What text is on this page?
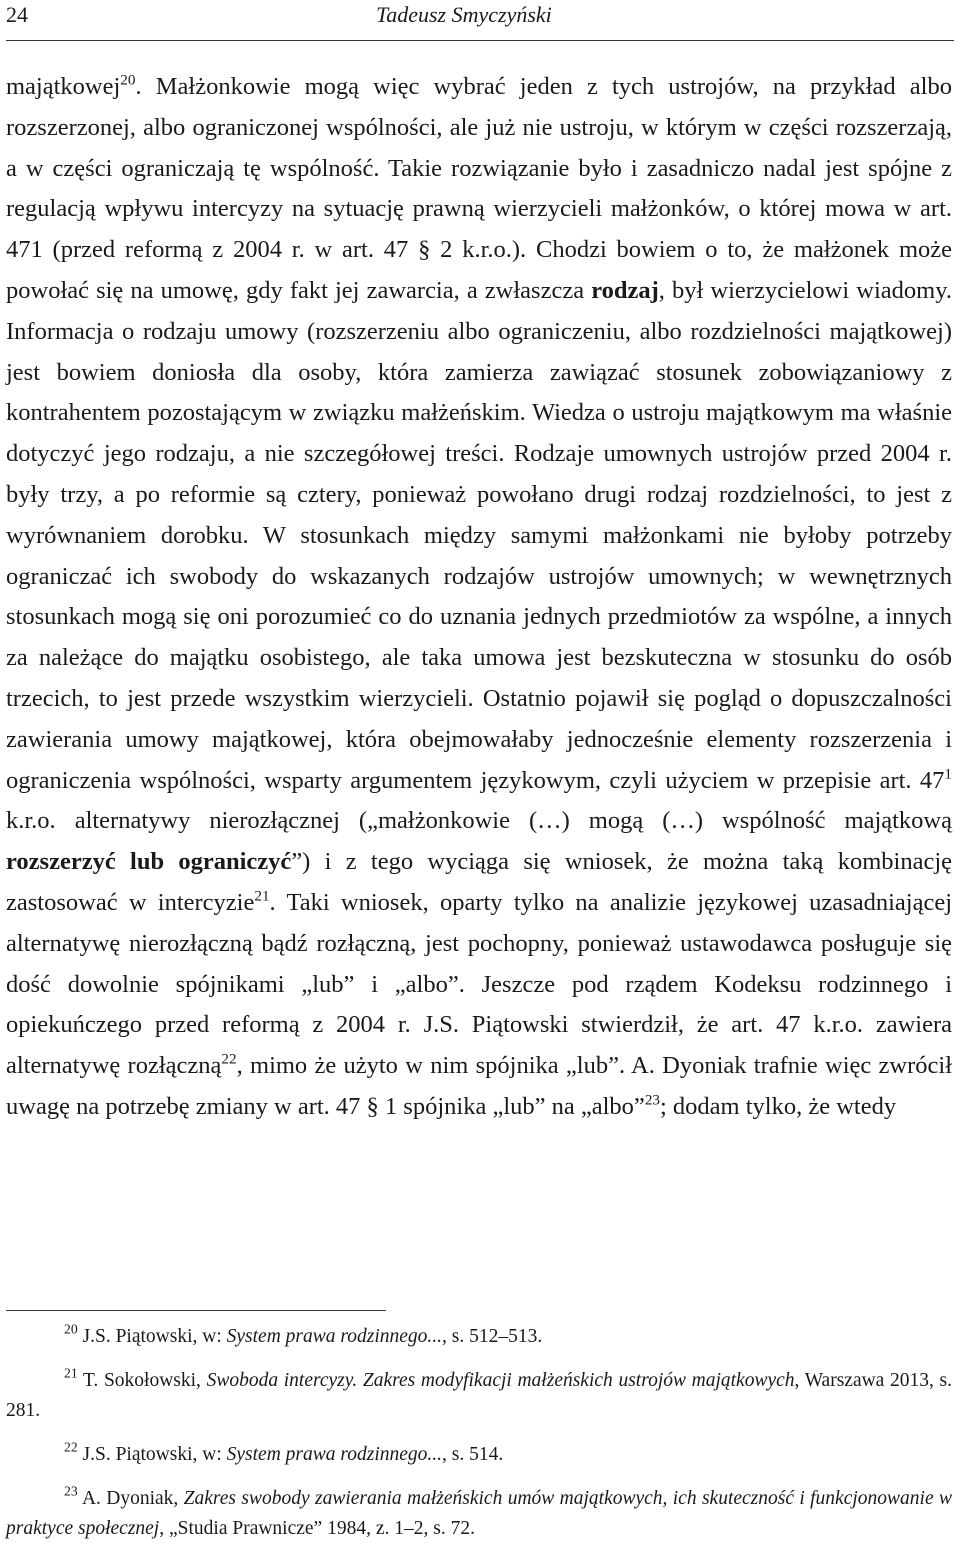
24	Tadeusz Smyczyński

majątkowej$^{20}$. Małżonkowie mogą więc wybrać jeden z tych ustrojów, na przykład albo rozszerzonej, albo ograniczonej wspólności, ale już nie ustroju, w którym w części rozszerzają, a w części ograniczają tę wspólność. Takie rozwiązanie było i zasadniczo nadal jest spójne z regulacją wpływu intercyzy na sytuację prawną wierzycieli małżonków, o której mowa w art. 471 (przed reformą z 2004 r. w art. 47 § 2 k.r.o.). Chodzi bowiem o to, że małżonek może powołać się na umowę, gdy fakt jej zawarcia, a zwłaszcza rodzaj, był wierzycielowi wiadomy. Informacja o rodzaju umowy (rozszerzeniu albo ograniczeniu, albo rozdzielności majątkowej) jest bowiem doniosła dla osoby, która zamierza zawiązać stosunek zobowiązaniowy z kontrahentem pozostającym w związku małżeńskim. Wiedza o ustroju majątkowym ma właśnie dotyczyć jego rodzaju, a nie szczegółowej treści. Rodzaje umownych ustrojów przed 2004 r. były trzy, a po reformie są cztery, ponieważ powołano drugi rodzaj rozdzielności, to jest z wyrównaniem dorobku. W stosunkach między samymi małżonkami nie byłoby potrzeby ograniczać ich swobody do wskazanych rodzajów ustrojów umownych; w wewnętrznych stosunkach mogą się oni porozumieć co do uznania jednych przedmiotów za wspólne, a innych za należące do majątku osobistego, ale taka umowa jest bezskuteczna w stosunku do osób trzecich, to jest przede wszystkim wierzycieli. Ostatnio pojawił się pogląd o dopuszczalności zawierania umowy majątkowej, która obejmowałaby jednocześnie elementy rozszerzenia i ograniczenia wspólności, wsparty argumentem językowym, czyli użyciem w przepisie art. $47^1$ k.r.o. alternatywy nierozłącznej („małżonkowie (…) mogą (…) wspólność majątkową rozszerzyć lub ograniczyć”) i z tego wyciąga się wniosek, że można taką kombinację zastosować w intercyzie$^{21}$. Taki wniosek, oparty tylko na analizie językowej uzasadniającej alternatywę nierozłączną bądź rozłączną, jest pochopny, ponieważ ustawodawca posługuje się dość dowolnie spójnikami „lub” i „albo”. Jeszcze pod rządem Kodeksu rodzinnego i opiekuńczego przed reformą z 2004 r. J.S. Piątowski stwierdził, że art. 47 k.r.o. zawiera alternatywę rozłączną$^{22}$, mimo że użyto w nim spójnika „lub”. A. Dyoniak trafnie więc zwrócił uwagę na potrzebę zmiany w art. 47 § 1 spójnika „lub” na „albo”$^{23}$; dodam tylko, że wtedy

$^{20}$ J.S. Piątowski, w: System prawa rodzinnego..., s. 512–513.

$^{21}$ T. Sokołowski, Swoboda intercyzy. Zakres modyfikacji małżeńskich ustrojów majątkowych, Warszawa 2013, s. 281.

$^{22}$ J.S. Piątowski, w: System prawa rodzinnego..., s. 514.

$^{23}$ A. Dyoniak, Zakres swobody zawierania małżeńskich umów majątkowych, ich skuteczność i funkcjonowanie w praktyce społecznej, „Studia Prawnicze” 1984, z. 1–2, s. 72.
